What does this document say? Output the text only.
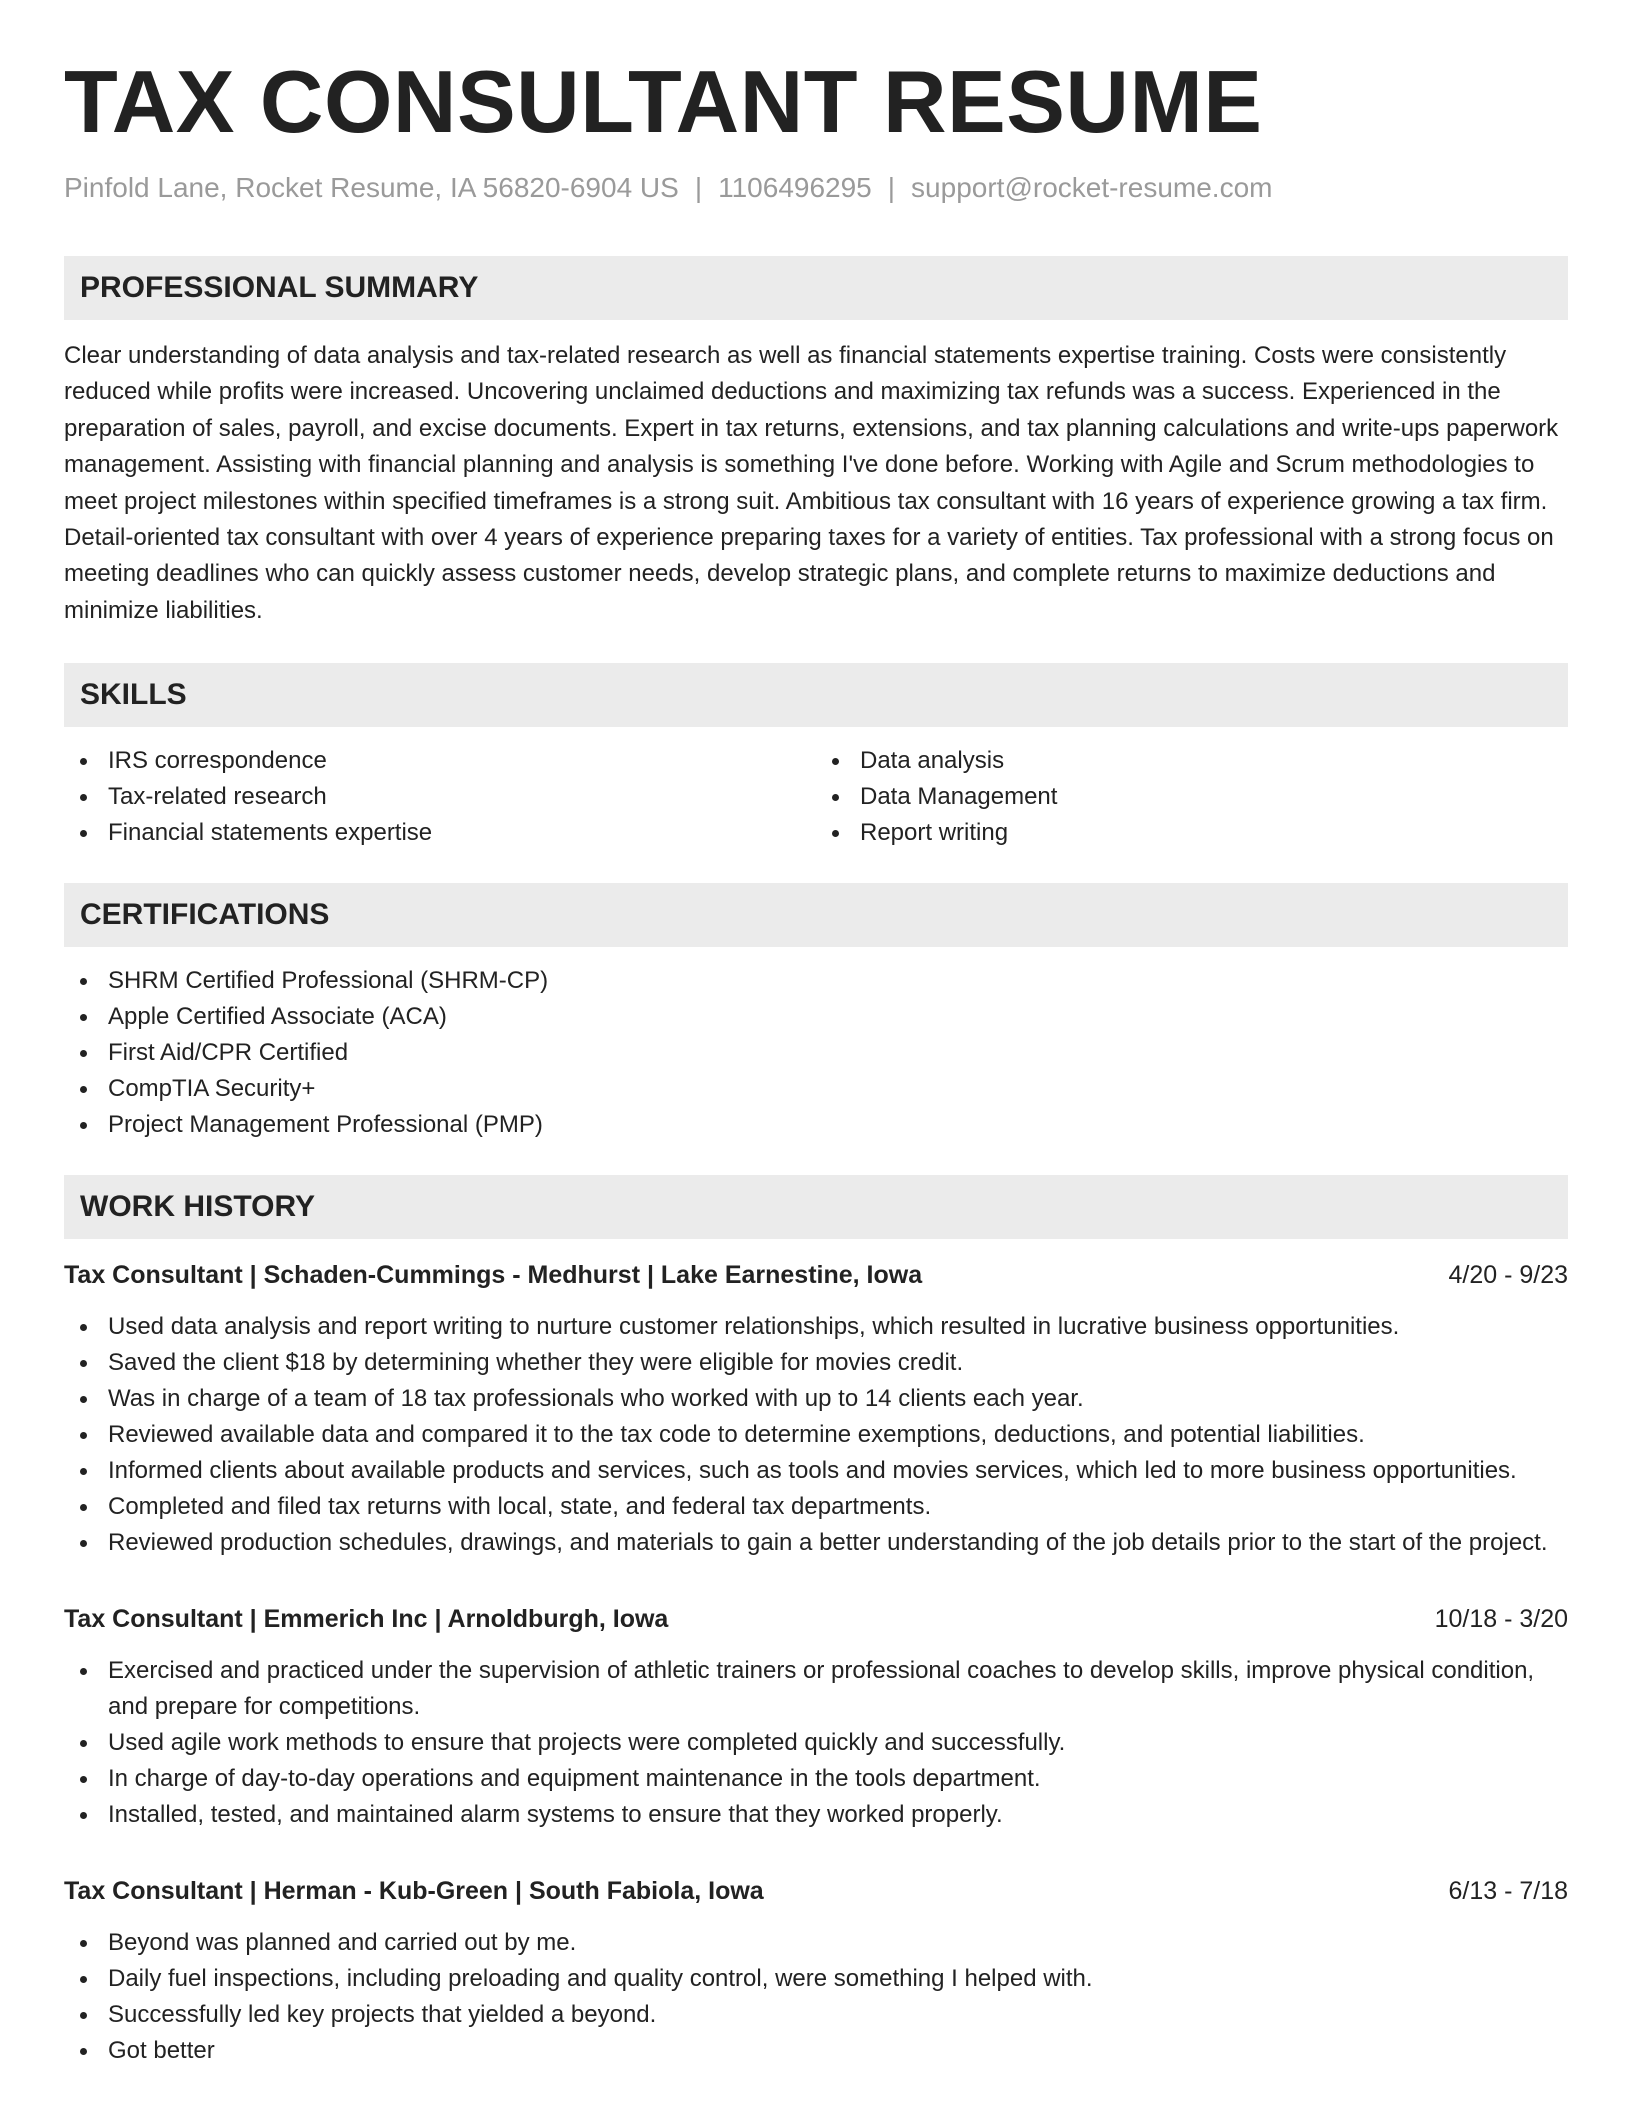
TAX CONSULTANT RESUME
Pinfold Lane, Rocket Resume, IA 56820-6904 US | 1106496295 | support@rocket-resume.com
PROFESSIONAL SUMMARY

Clear understanding of data analysis and tax-related research as well as financial statements expertise training. Costs were consistently reduced while profits were increased. Uncovering unclaimed deductions and maximizing tax refunds was a success. Experienced in the preparation of sales, payroll, and excise documents. Expert in tax returns, extensions, and tax planning calculations and write-ups paperwork management. Assisting with financial planning and analysis is something I've done before. Working with Agile and Scrum methodologies to meet project milestones within specified timeframes is a strong suit. Ambitious tax consultant with 16 years of experience growing a tax firm. Detail-oriented tax consultant with over 4 years of experience preparing taxes for a variety of entities. Tax professional with a strong focus on meeting deadlines who can quickly assess customer needs, develop strategic plans, and complete returns to maximize deductions and minimize liabilities.

SKILLS
IRS correspondence
Tax-related research
Financial statements expertise
Data analysis
Data Management
Report writing
CERTIFICATIONS
SHRM Certified Professional (SHRM-CP)
Apple Certified Associate (ACA)
First Aid/CPR Certified
CompTIA Security+
Project Management Professional (PMP)
WORK HISTORY
Tax Consultant | Schaden-Cummings - Medhurst | Lake Earnestine, Iowa	4/20 - 9/23
Used data analysis and report writing to nurture customer relationships, which resulted in lucrative business opportunities.
Saved the client $18 by determining whether they were eligible for movies credit.
Was in charge of a team of 18 tax professionals who worked with up to 14 clients each year.
Reviewed available data and compared it to the tax code to determine exemptions, deductions, and potential liabilities.
Informed clients about available products and services, such as tools and movies services, which led to more business opportunities.
Completed and filed tax returns with local, state, and federal tax departments.
Reviewed production schedules, drawings, and materials to gain a better understanding of the job details prior to the start of the project.
Tax Consultant | Emmerich Inc | Arnoldburgh, Iowa	10/18 - 3/20
Exercised and practiced under the supervision of athletic trainers or professional coaches to develop skills, improve physical condition, and prepare for competitions.
Used agile work methods to ensure that projects were completed quickly and successfully.
In charge of day-to-day operations and equipment maintenance in the tools department.
Installed, tested, and maintained alarm systems to ensure that they worked properly.
Tax Consultant | Herman - Kub-Green | South Fabiola, Iowa	6/13 - 7/18
Beyond was planned and carried out by me.
Daily fuel inspections, including preloading and quality control, were something I helped with.
Successfully led key projects that yielded a beyond.
Got better
